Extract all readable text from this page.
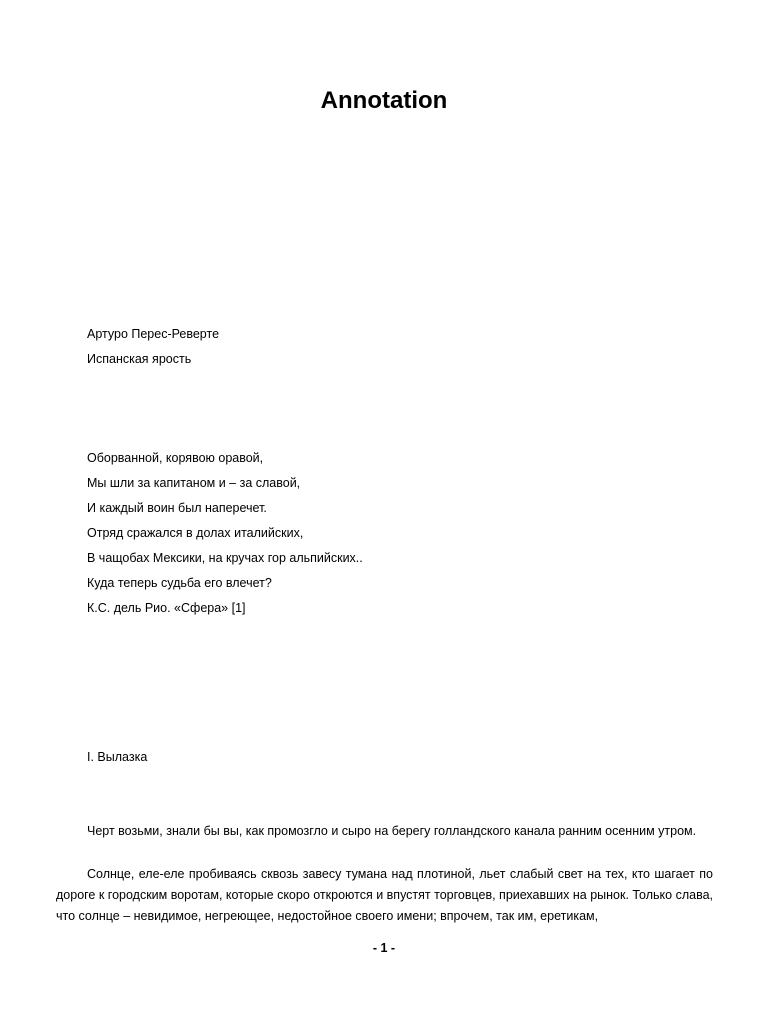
Annotation
Артуро Перес-Реверте
Испанская ярость
Оборванной, корявою оравой,
Мы шли за капитаном и – за славой,
И каждый воин был наперечет.
Отряд сражался в долах италийских,
В чащобах Мексики, на кручах гор альпийских..
Куда теперь судьба его влечет?
К.С. дель Рио. «Сфера» [1]
I. Вылазка
Черт возьми, знали бы вы, как промозгло и сыро на берегу голландского канала ранним осенним утром.
Солнце, еле-еле пробиваясь сквозь завесу тумана над плотиной, льет слабый свет на тех, кто шагает по дороге к городским воротам, которые скоро откроются и впустят торговцев, приехавших на рынок. Только слава, что солнце – невидимое, негреющее, недостойное своего имени; впрочем, так им, еретикам,
- 1 -
